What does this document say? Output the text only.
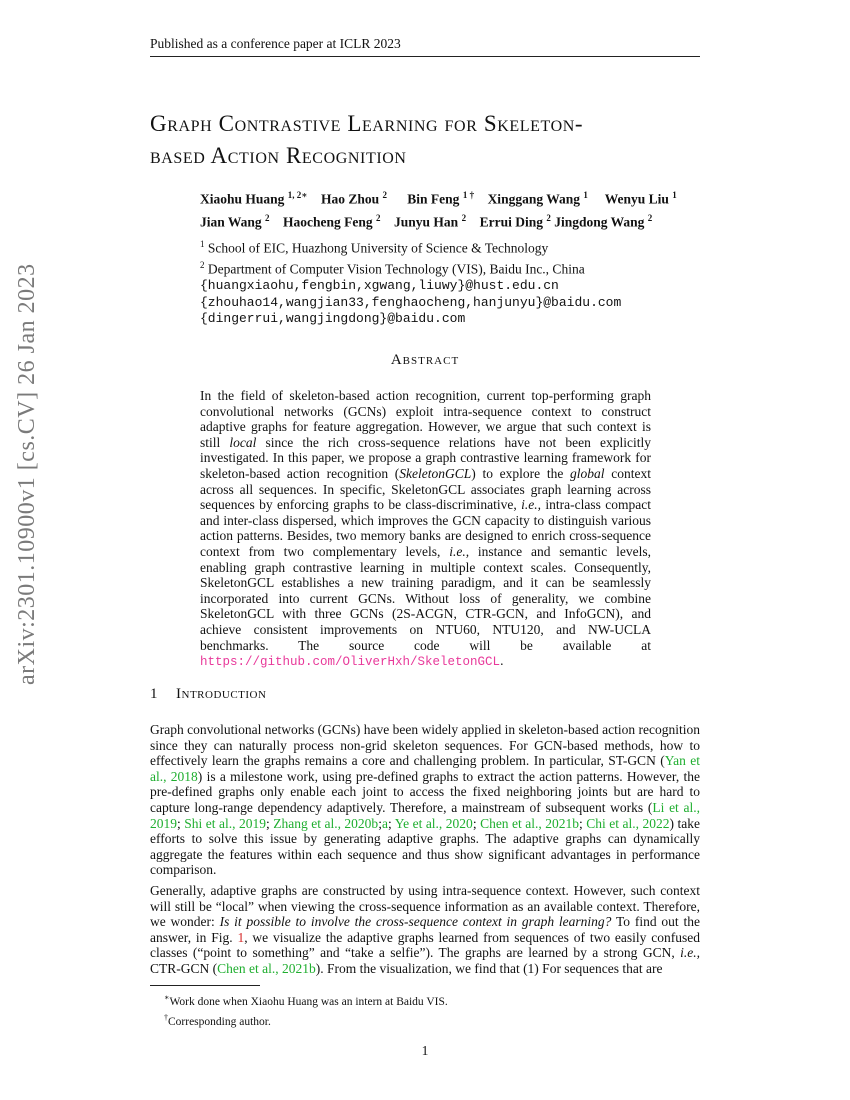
Published as a conference paper at ICLR 2023
arXiv:2301.10900v1 [cs.CV] 26 Jan 2023
Graph Contrastive Learning for Skeleton-
based Action Recognition
Xiaohu Huang $^{1, 2∗}$ Hao Zhou $^2$ Bin Feng $^{1 \dagger}$ Xinggang Wang $^1$ Wenyu Liu $^1$
Jian Wang $^2$ Haocheng Feng $^2$ Junyu Han $^2$ Errui Ding $^2$ Jingdong Wang $^2$
$^1$ School of EIC, Huazhong University of Science & Technology
$^2$ Department of Computer Vision Technology (VIS), Baidu Inc., China
{huangxiaohu,fengbin,xgwang,liuwy}@hust.edu.cn
{zhouhao14,wangjian33,fenghaocheng,hanjunyu}@baidu.com
{dingerrui,wangjingdong}@baidu.com
Abstract
In the field of skeleton-based action recognition, current top-performing graph convolutional networks (GCNs) exploit intra-sequence context to construct adaptive graphs for feature aggregation. However, we argue that such context is still local since the rich cross-sequence relations have not been explicitly investigated. In this paper, we propose a graph contrastive learning framework for skeleton-based action recognition (SkeletonGCL) to explore the global context across all sequences. In specific, SkeletonGCL associates graph learning across sequences by enforcing graphs to be class-discriminative, i.e., intra-class compact and inter-class dispersed, which improves the GCN capacity to distinguish various action patterns. Besides, two memory banks are designed to enrich cross-sequence context from two complementary levels, i.e., instance and semantic levels, enabling graph contrastive learning in multiple context scales. Consequently, SkeletonGCL establishes a new training paradigm, and it can be seamlessly incorporated into current GCNs. Without loss of generality, we combine SkeletonGCL with three GCNs (2S-ACGN, CTR-GCN, and InfoGCN), and achieve consistent improvements on NTU60, NTU120, and NW-UCLA benchmarks. The source code will be available at https://github.com/OliverHxh/SkeletonGCL.
1 Introduction
Graph convolutional networks (GCNs) have been widely applied in skeleton-based action recognition since they can naturally process non-grid skeleton sequences. For GCN-based methods, how to effectively learn the graphs remains a core and challenging problem. In particular, ST-GCN (Yan et al., 2018) is a milestone work, using pre-defined graphs to extract the action patterns. However, the pre-defined graphs only enable each joint to access the fixed neighboring joints but are hard to capture long-range dependency adaptively. Therefore, a mainstream of subsequent works (Li et al., 2019; Shi et al., 2019; Zhang et al., 2020b;a; Ye et al., 2020; Chen et al., 2021b; Chi et al., 2022) take efforts to solve this issue by generating adaptive graphs. The adaptive graphs can dynamically aggregate the features within each sequence and thus show significant advantages in performance comparison.
Generally, adaptive graphs are constructed by using intra-sequence context. However, such context will still be “local” when viewing the cross-sequence information as an available context. Therefore, we wonder: Is it possible to involve the cross-sequence context in graph learning? To find out the answer, in Fig. 1, we visualize the adaptive graphs learned from sequences of two easily confused classes (“point to something” and “take a selfie”). The graphs are learned by a strong GCN, i.e., CTR-GCN (Chen et al., 2021b). From the visualization, we find that (1) For sequences that are
∗Work done when Xiaohu Huang was an intern at Baidu VIS.
†Corresponding author.
1
